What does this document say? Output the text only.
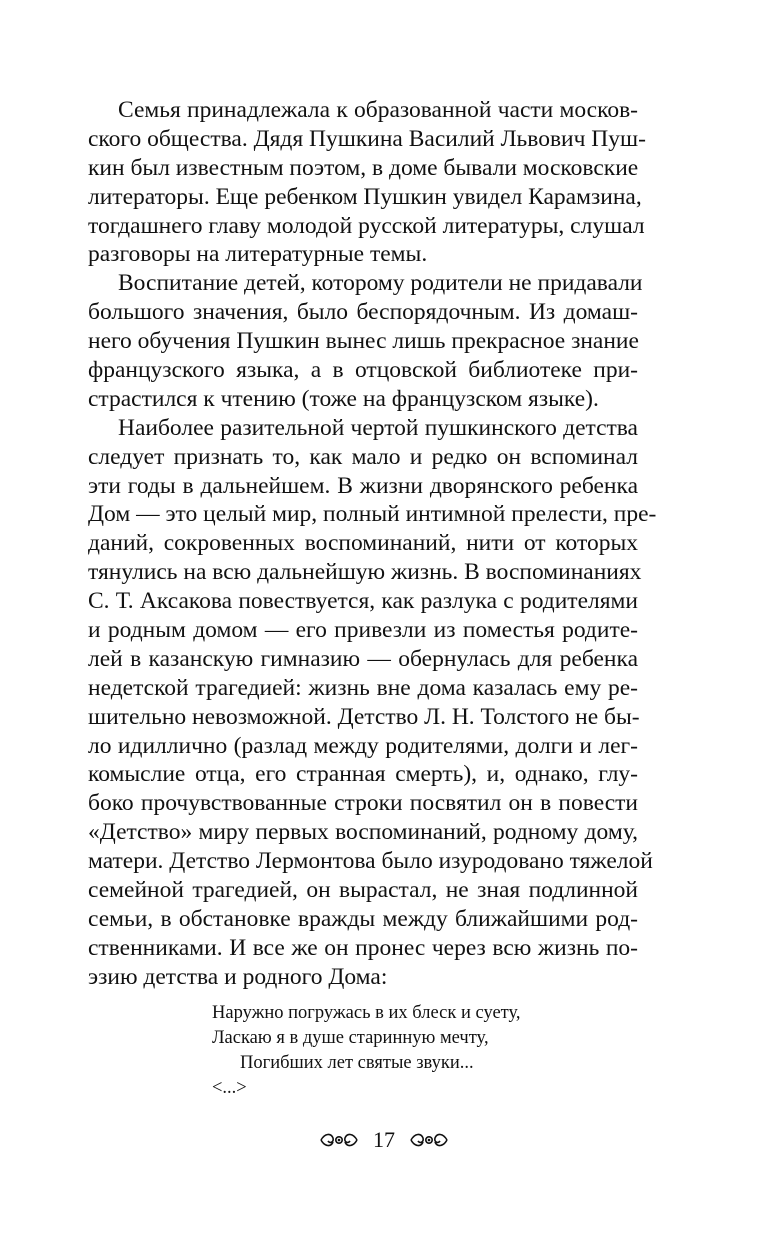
Семья принадлежала к образованной части москов-
ского общества. Дядя Пушкина Василий Львович Пуш-
кин был известным поэтом, в доме бывали московские
литераторы. Еще ребенком Пушкин увидел Карамзина,
тогдашнего главу молодой русской литературы, слушал
разговоры на литературные темы.
Воспитание детей, которому родители не придавали
большого значения, было беспорядочным. Из домаш-
него обучения Пушкин вынес лишь прекрасное знание
французского языка, а в отцовской библиотеке при-
страстился к чтению (тоже на французском языке).
Наиболее разительной чертой пушкинского детства
следует признать то, как мало и редко он вспоминал
эти годы в дальнейшем. В жизни дворянского ребенка
Дом — это целый мир, полный интимной прелести, пре-
даний, сокровенных воспоминаний, нити от которых
тянулись на всю дальнейшую жизнь. В воспоминаниях
С. Т. Аксакова повествуется, как разлука с родителями
и родным домом — его привезли из поместья родите-
лей в казанскую гимназию — обернулась для ребенка
недетской трагедией: жизнь вне дома казалась ему ре-
шительно невозможной. Детство Л. Н. Толстого не бы-
ло идиллично (разлад между родителями, долги и лег-
комыслие отца, его странная смерть), и, однако, глу-
боко прочувствованные строки посвятил он в повести
«Детство» миру первых воспоминаний, родному дому,
матери. Детство Лермонтова было изуродовано тяжелой
семейной трагедией, он вырастал, не зная подлинной
семьи, в обстановке вражды между ближайшими род-
ственниками. И все же он пронес через всю жизнь по-
эзию детства и родного Дома:
Наружно погружась в их блеск и суету,
Ласкаю я в душе старинную мечту,
Погибших лет святые звуки...
<...>
17
